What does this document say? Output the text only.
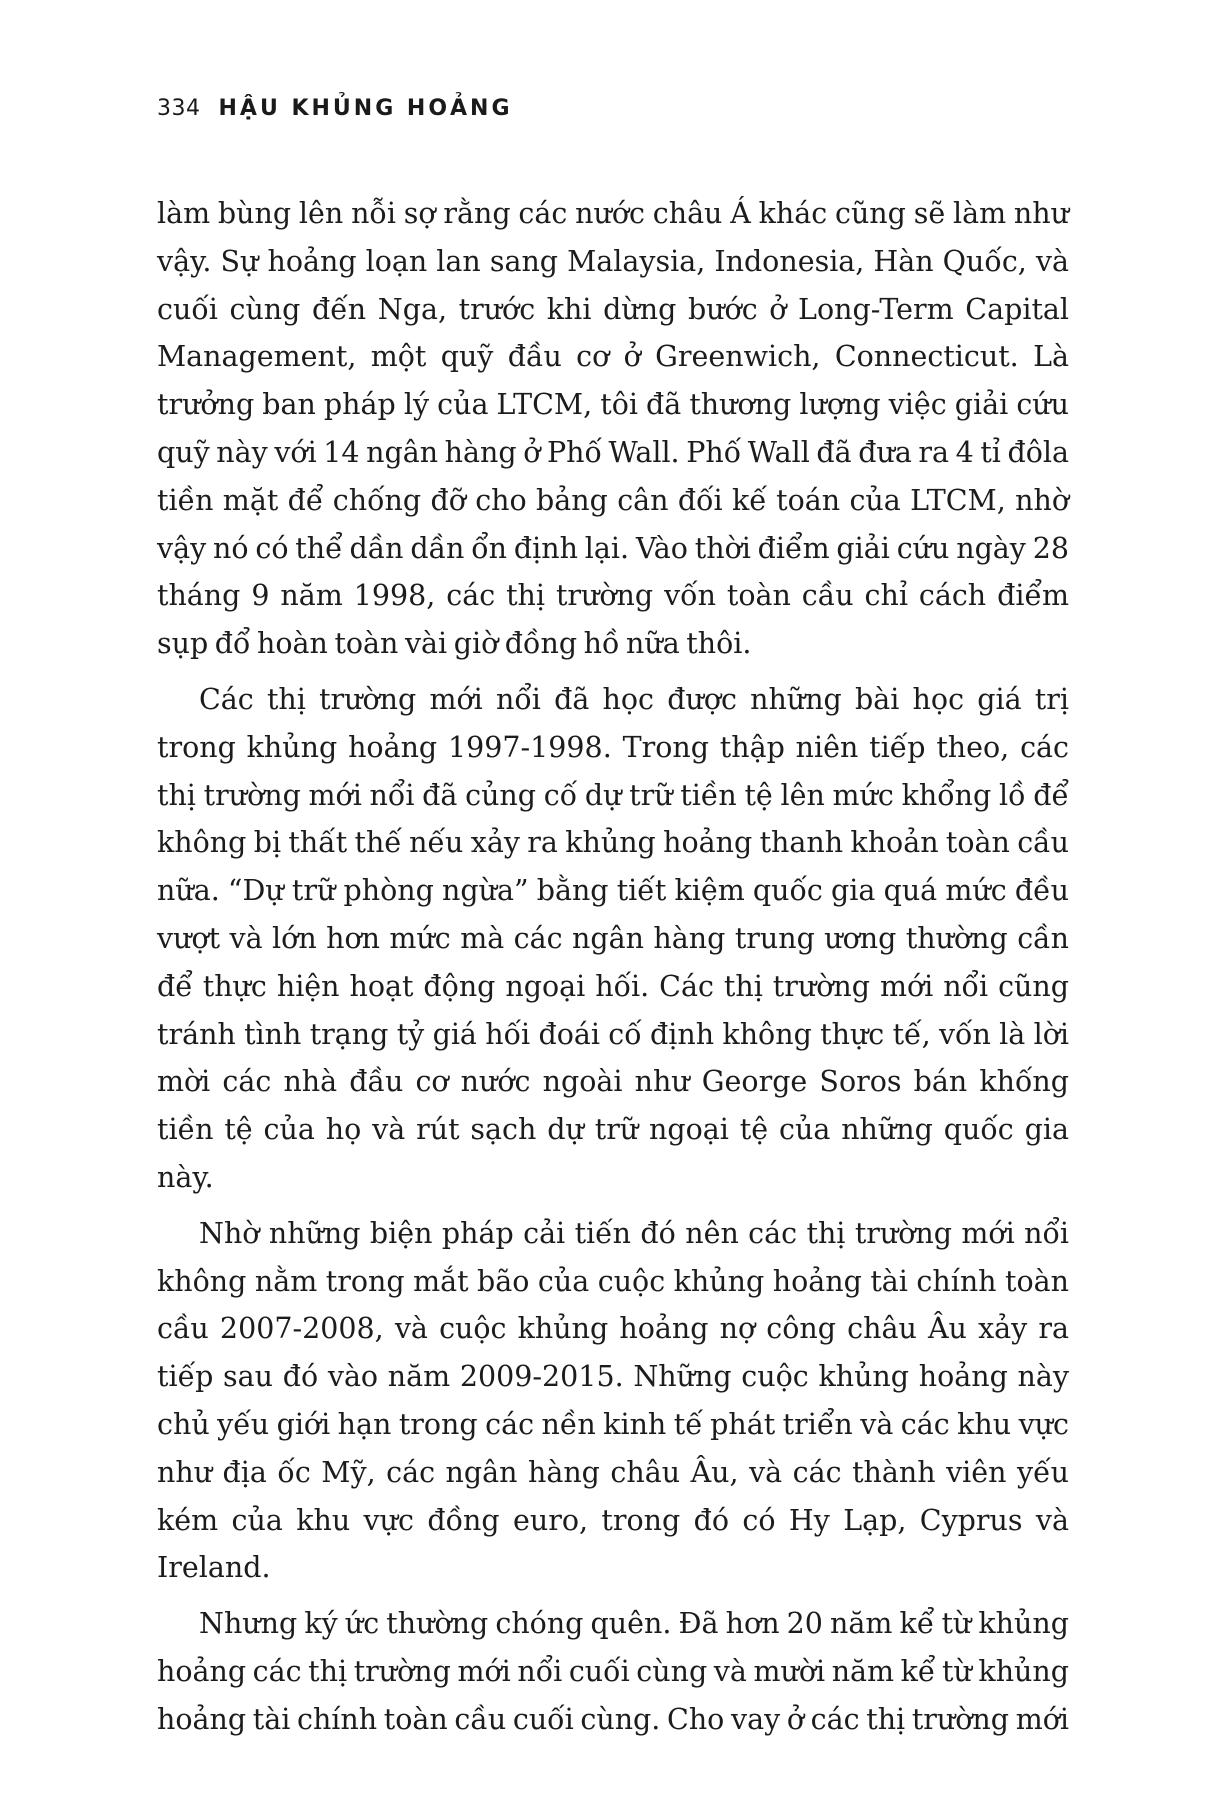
334 HẬU KHỦNG HOẢNG

làm bùng lên nỗi sợ rằng các nước châu Á khác cũng sẽ làm như vậy. Sự hoảng loạn lan sang Malaysia, Indonesia, Hàn Quốc, và cuối cùng đến Nga, trước khi dừng bước ở Long-Term Capital Management, một quỹ đầu cơ ở Greenwich, Connecticut. Là trưởng ban pháp lý của LTCM, tôi đã thương lượng việc giải cứu quỹ này với 14 ngân hàng ở Phố Wall. Phố Wall đã đưa ra 4 tỉ đôla tiền mặt để chống đỡ cho bảng cân đối kế toán của LTCM, nhờ vậy nó có thể dần dần ổn định lại. Vào thời điểm giải cứu ngày 28 tháng 9 năm 1998, các thị trường vốn toàn cầu chỉ cách điểm sụp đổ hoàn toàn vài giờ đồng hồ nữa thôi.

Các thị trường mới nổi đã học được những bài học giá trị trong khủng hoảng 1997-1998. Trong thập niên tiếp theo, các thị trường mới nổi đã củng cố dự trữ tiền tệ lên mức khổng lồ để không bị thất thế nếu xảy ra khủng hoảng thanh khoản toàn cầu nữa. “Dự trữ phòng ngừa” bằng tiết kiệm quốc gia quá mức đều vượt và lớn hơn mức mà các ngân hàng trung ương thường cần để thực hiện hoạt động ngoại hối. Các thị trường mới nổi cũng tránh tình trạng tỷ giá hối đoái cố định không thực tế, vốn là lời mời các nhà đầu cơ nước ngoài như George Soros bán khống tiền tệ của họ và rút sạch dự trữ ngoại tệ của những quốc gia này.

Nhờ những biện pháp cải tiến đó nên các thị trường mới nổi không nằm trong mắt bão của cuộc khủng hoảng tài chính toàn cầu 2007-2008, và cuộc khủng hoảng nợ công châu Âu xảy ra tiếp sau đó vào năm 2009-2015. Những cuộc khủng hoảng này chủ yếu giới hạn trong các nền kinh tế phát triển và các khu vực như địa ốc Mỹ, các ngân hàng châu Âu, và các thành viên yếu kém của khu vực đồng euro, trong đó có Hy Lạp, Cyprus và Ireland.

Nhưng ký ức thường chóng quên. Đã hơn 20 năm kể từ khủng hoảng các thị trường mới nổi cuối cùng và mười năm kể từ khủng hoảng tài chính toàn cầu cuối cùng. Cho vay ở các thị trường mới
